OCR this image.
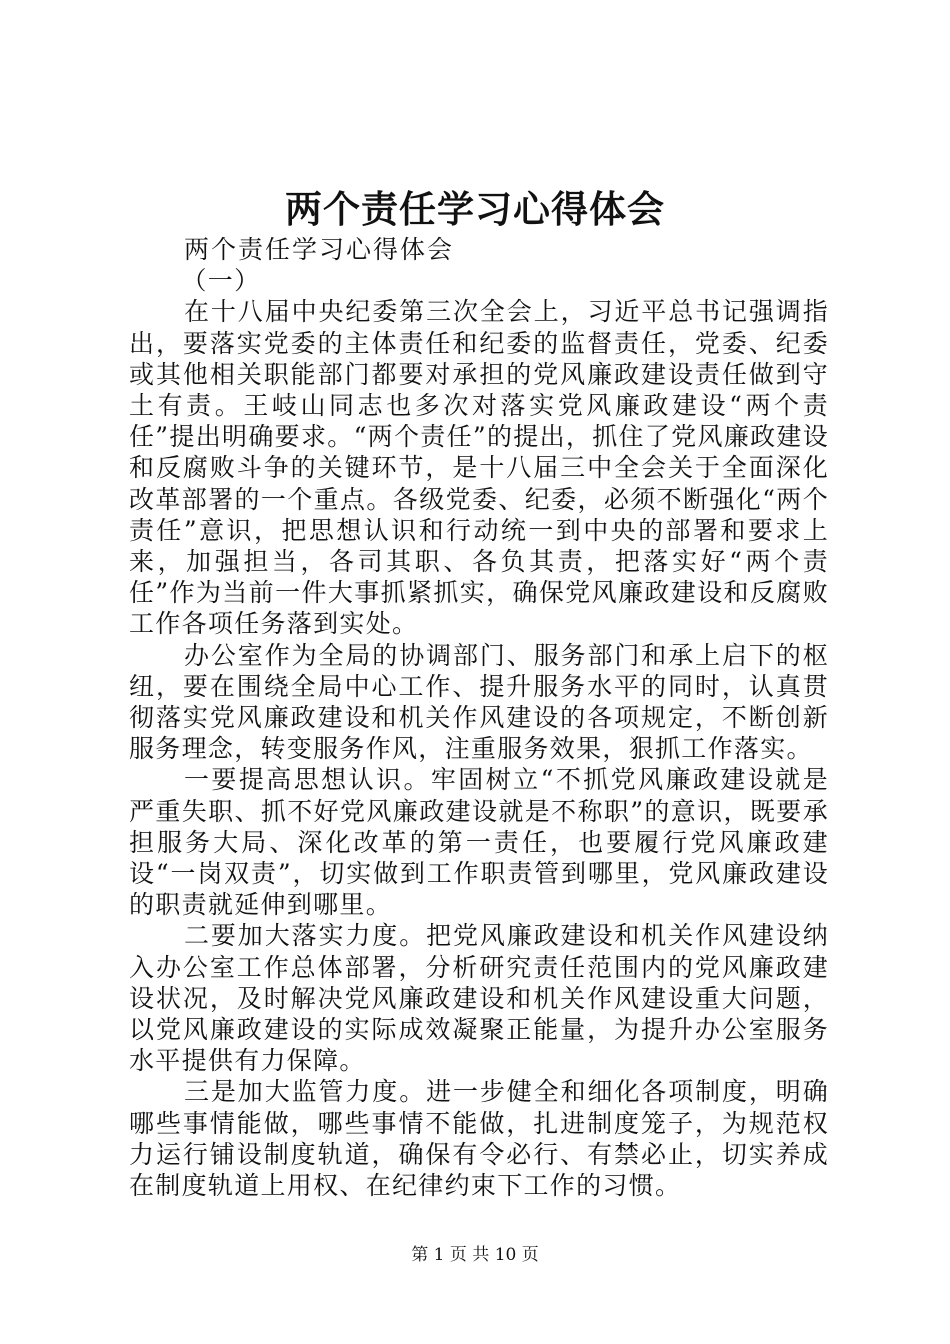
两个责任学习心得体会

两个责任学习心得体会

（一）

在十八届中央纪委第三次全会上，习近平总书记强调指出，要落实党委的主体责任和纪委的监督责任，党委、纪委或其他相关职能部门都要对承担的党风廉政建设责任做到守土有责。王岐山同志也多次对落实党风廉政建设“两个责任”提出明确要求。“两个责任”的提出，抓住了党风廉政建设和反腐败斗争的关键环节，是十八届三中全会关于全面深化改革部署的一个重点。各级党委、纪委，必须不断强化“两个责任”意识，把思想认识和行动统一到中央的部署和要求上来，加强担当，各司其职、各负其责，把落实好“两个责任”作为当前一件大事抓紧抓实，确保党风廉政建设和反腐败工作各项任务落到实处。

办公室作为全局的协调部门、服务部门和承上启下的枢纽，要在围绕全局中心工作、提升服务水平的同时，认真贯彻落实党风廉政建设和机关作风建设的各项规定，不断创新服务理念，转变服务作风，注重服务效果，狠抓工作落实。

一要提高思想认识。牢固树立“不抓党风廉政建设就是严重失职、抓不好党风廉政建设就是不称职”的意识，既要承担服务大局、深化改革的第一责任，也要履行党风廉政建设“一岗双责”，切实做到工作职责管到哪里，党风廉政建设的职责就延伸到哪里。

二要加大落实力度。把党风廉政建设和机关作风建设纳入办公室工作总体部署，分析研究责任范围内的党风廉政建设状况，及时解决党风廉政建设和机关作风建设重大问题，以党风廉政建设的实际成效凝聚正能量，为提升办公室服务水平提供有力保障。

三是加大监管力度。进一步健全和细化各项制度，明确哪些事情能做，哪些事情不能做，扎进制度笼子，为规范权力运行铺设制度轨道，确保有令必行、有禁必止，切实养成在制度轨道上用权、在纪律约束下工作的习惯。

第 1 页 共 10 页
